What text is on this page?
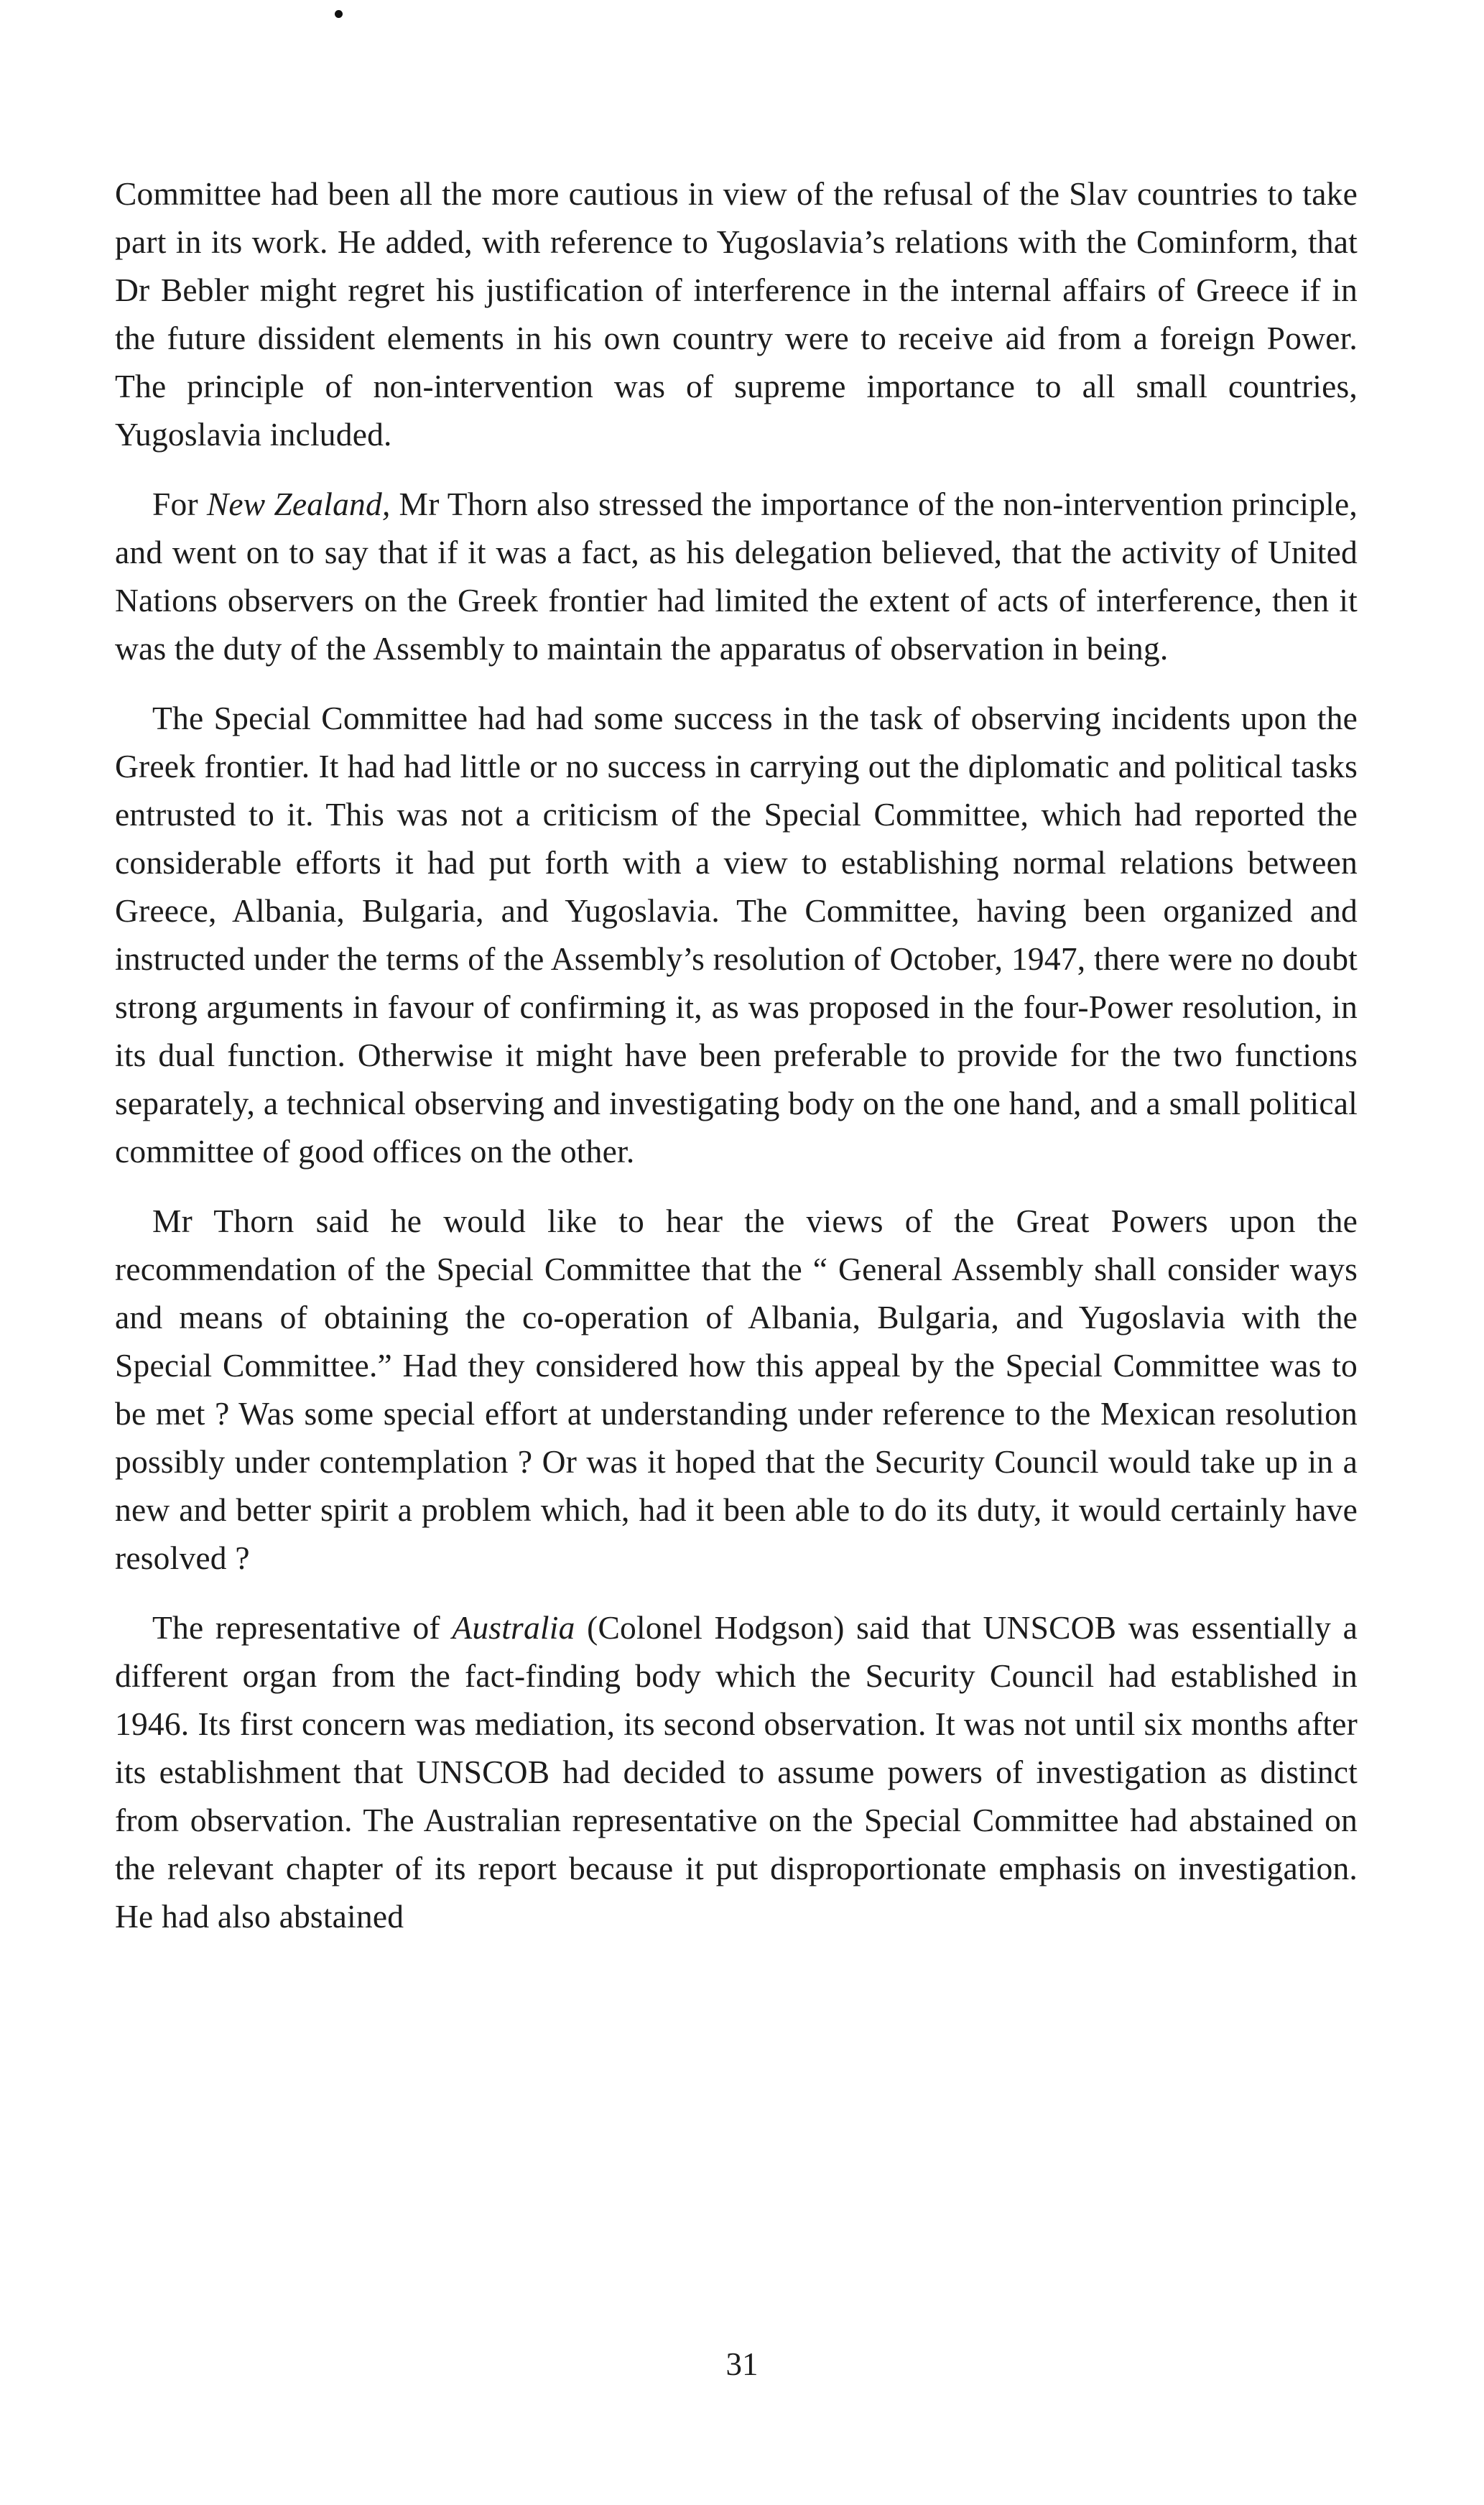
Committee had been all the more cautious in view of the refusal of the Slav countries to take part in its work. He added, with reference to Yugoslavia’s relations with the Cominform, that Dr Bebler might regret his justification of interference in the internal affairs of Greece if in the future dissident elements in his own country were to receive aid from a foreign Power. The principle of non-intervention was of supreme importance to all small countries, Yugoslavia included.

For New Zealand, Mr Thorn also stressed the importance of the non-intervention principle, and went on to say that if it was a fact, as his delegation believed, that the activity of United Nations observers on the Greek frontier had limited the extent of acts of interference, then it was the duty of the Assembly to maintain the apparatus of observation in being.

The Special Committee had had some success in the task of observing incidents upon the Greek frontier. It had had little or no success in carrying out the diplomatic and political tasks entrusted to it. This was not a criticism of the Special Committee, which had reported the considerable efforts it had put forth with a view to establishing normal relations between Greece, Albania, Bulgaria, and Yugoslavia. The Committee, having been organized and instructed under the terms of the Assembly’s resolution of October, 1947, there were no doubt strong arguments in favour of confirming it, as was proposed in the four-Power resolution, in its dual function. Otherwise it might have been preferable to provide for the two functions separately, a technical observing and investigating body on the one hand, and a small political committee of good offices on the other.

Mr Thorn said he would like to hear the views of the Great Powers upon the recommendation of the Special Committee that the “ General Assembly shall consider ways and means of obtaining the co-operation of Albania, Bulgaria, and Yugoslavia with the Special Committee.” Had they considered how this appeal by the Special Committee was to be met ? Was some special effort at understanding under reference to the Mexican resolution possibly under contemplation ? Or was it hoped that the Security Council would take up in a new and better spirit a problem which, had it been able to do its duty, it would certainly have resolved ?

The representative of Australia (Colonel Hodgson) said that UNSCOB was essentially a different organ from the fact-finding body which the Security Council had established in 1946. Its first concern was mediation, its second observation. It was not until six months after its establishment that UNSCOB had decided to assume powers of investigation as distinct from observation. The Australian representative on the Special Committee had abstained on the relevant chapter of its report because it put disproportionate emphasis on investigation. He had also abstained

31
